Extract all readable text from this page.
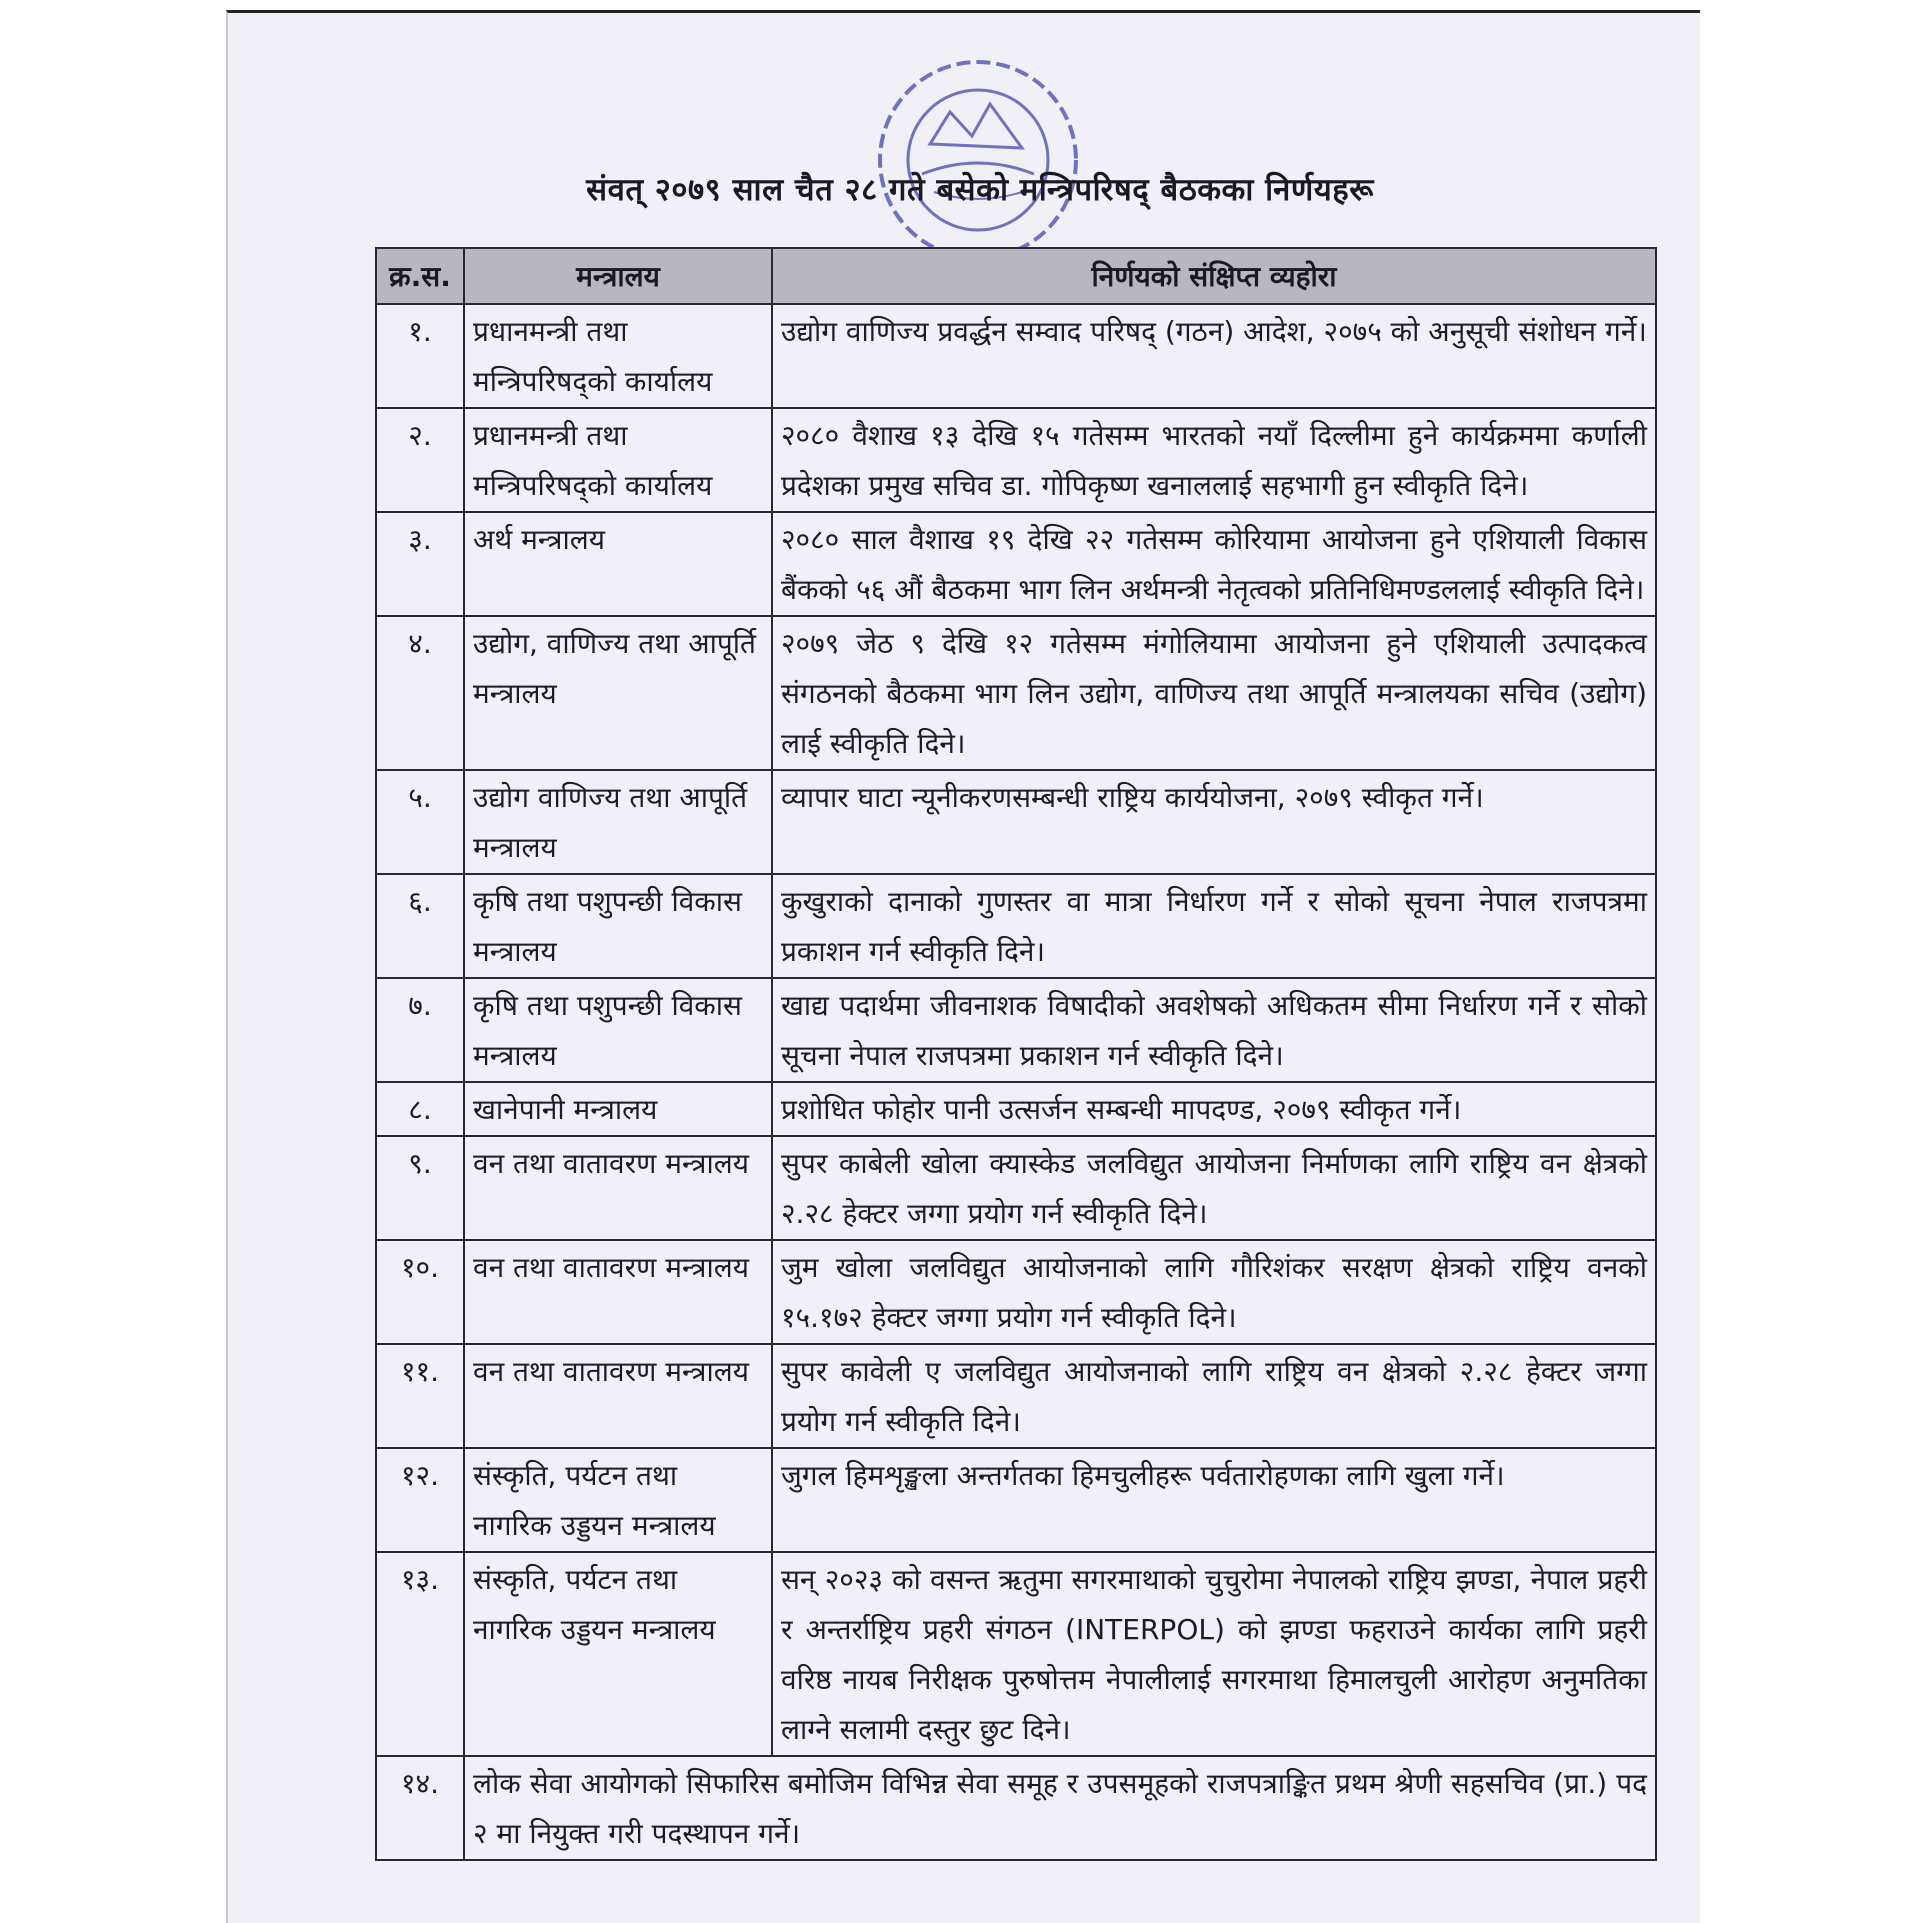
संवत् २०७९ साल चैत २८ गते बसेको मन्त्रिपरिषद् बैठकका निर्णयहरू
क्र.स.	मन्त्रालय	निर्णयको संक्षिप्त व्यहोरा
१.	प्रधानमन्त्री तथा मन्त्रिपरिषद्को कार्यालय	उद्योग वाणिज्य प्रवर्द्धन सम्वाद परिषद् (गठन) आदेश, २०७५ को अनुसूची संशोधन गर्ने।
२.	प्रधानमन्त्री तथा मन्त्रिपरिषद्को कार्यालय	२०८० वैशाख १३ देखि १५ गतेसम्म भारतको नयाँ दिल्लीमा हुने कार्यक्रममा कर्णाली प्रदेशका प्रमुख सचिव डा. गोपिकृष्ण खनाललाई सहभागी हुन स्वीकृति दिने।
३.	अर्थ मन्त्रालय	२०८० साल वैशाख १९ देखि २२ गतेसम्म कोरियामा आयोजना हुने एशियाली विकास बैंकको ५६ औं बैठकमा भाग लिन अर्थमन्त्री नेतृत्वको प्रतिनिधिमण्डललाई स्वीकृति दिने।
४.	उद्योग, वाणिज्य तथा आपूर्ति मन्त्रालय	२०७९ जेठ ९ देखि १२ गतेसम्म मंगोलियामा आयोजना हुने एशियाली उत्पादकत्व संगठनको बैठकमा भाग लिन उद्योग, वाणिज्य तथा आपूर्ति मन्त्रालयका सचिव (उद्योग) लाई स्वीकृति दिने।
५.	उद्योग वाणिज्य तथा आपूर्ति मन्त्रालय	व्यापार घाटा न्यूनीकरणसम्बन्धी राष्ट्रिय कार्ययोजना, २०७९ स्वीकृत गर्ने।
६.	कृषि तथा पशुपन्छी विकास मन्त्रालय	कुखुराको दानाको गुणस्तर वा मात्रा निर्धारण गर्ने र सोको सूचना नेपाल राजपत्रमा प्रकाशन गर्न स्वीकृति दिने।
७.	कृषि तथा पशुपन्छी विकास मन्त्रालय	खाद्य पदार्थमा जीवनाशक विषादीको अवशेषको अधिकतम सीमा निर्धारण गर्ने र सोको सूचना नेपाल राजपत्रमा प्रकाशन गर्न स्वीकृति दिने।
८.	खानेपानी मन्त्रालय	प्रशोधित फोहोर पानी उत्सर्जन सम्बन्धी मापदण्ड, २०७९ स्वीकृत गर्ने।
९.	वन तथा वातावरण मन्त्रालय	सुपर काबेली खोला क्यास्केड जलविद्युत आयोजना निर्माणका लागि राष्ट्रिय वन क्षेत्रको २.२८ हेक्टर जग्गा प्रयोग गर्न स्वीकृति दिने।
१०.	वन तथा वातावरण मन्त्रालय	जुम खोला जलविद्युत आयोजनाको लागि गौरिशंकर सरक्षण क्षेत्रको राष्ट्रिय वनको १५.१७२ हेक्टर जग्गा प्रयोग गर्न स्वीकृति दिने।
११.	वन तथा वातावरण मन्त्रालय	सुपर कावेली ए जलविद्युत आयोजनाको लागि राष्ट्रिय वन क्षेत्रको २.२८ हेक्टर जग्गा प्रयोग गर्न स्वीकृति दिने।
१२.	संस्कृति, पर्यटन तथा नागरिक उड्डयन मन्त्रालय	जुगल हिमशृङ्खला अन्तर्गतका हिमचुलीहरू पर्वतारोहणका लागि खुला गर्ने।
१३.	संस्कृति, पर्यटन तथा नागरिक उड्डयन मन्त्रालय	सन् २०२३ को वसन्त ऋतुमा सगरमाथाको चुचुरोमा नेपालको राष्ट्रिय झण्डा, नेपाल प्रहरी र अन्तर्राष्ट्रिय प्रहरी संगठन (INTERPOL) को झण्डा फहराउने कार्यका लागि प्रहरी वरिष्ठ नायब निरीक्षक पुरुषोत्तम नेपालीलाई सगरमाथा हिमालचुली आरोहण अनुमतिका लाग्ने सलामी दस्तुर छुट दिने।
१४.	लोक सेवा आयोगको सिफारिस बमोजिम विभिन्न सेवा समूह र उपसमूहको राजपत्राङ्कित प्रथम श्रेणी सहसचिव (प्रा.) पद २ मा नियुक्त गरी पदस्थापन गर्ने।	
